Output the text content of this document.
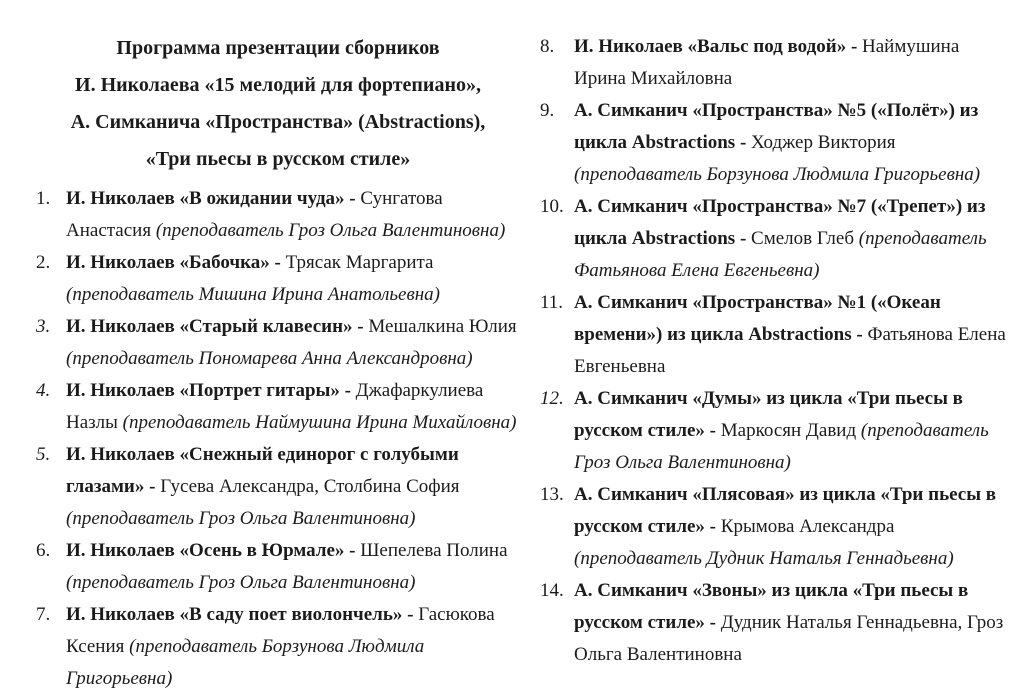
Программа презентации сборников
И. Николаева «15 мелодий для фортепиано»,
А. Симканича «Пространства» (Abstractions),
«Три пьесы в русском стиле»
1. И. Николаев «В ожидании чуда» - Сунгатова Анастасия (преподаватель Гроз Ольга Валентиновна)
2. И. Николаев «Бабочка» - Трясак Маргарита (преподаватель Мишина Ирина Анатольевна)
3. И. Николаев «Старый клавесин» - Мешалкина Юлия (преподаватель Пономарева Анна Александровна)
4. И. Николаев «Портрет гитары» - Джафаркулиева Назлы (преподаватель Наймушина Ирина Михайловна)
5. И. Николаев «Снежный единорог с голубыми глазами» - Гусева Александра, Столбина София (преподаватель Гроз Ольга Валентиновна)
6. И. Николаев «Осень в Юрмале» - Шепелева Полина (преподаватель Гроз Ольга Валентиновна)
7. И. Николаев «В саду поет виолончель» - Гасюкова Ксения (преподаватель Борзунова Людмила Григорьевна)
8.	И. Николаев «Вальс под водой» - Наймушина Ирина Михайловна
9.	А. Симканич «Пространства» №5 («Полёт») из цикла Abstractions - Ходжер Виктория (преподаватель Борзунова Людмила Григорьевна)
10. А. Симканич «Пространства» №7 («Трепет») из цикла Abstractions - Смелов Глеб (преподаватель Фатьянова Елена Евгеньевна)
11. А. Симканич «Пространства» №1 («Океан времени») из цикла Abstractions - Фатьянова Елена Евгеньевна
12. А. Симканич «Думы» из цикла «Три пьесы в русском стиле» - Маркосян Давид (преподаватель Гроз Ольга Валентиновна)
13. А. Симканич «Плясовая» из цикла «Три пьесы в русском стиле» - Крымова Александра (преподаватель Дудник Наталья Геннадьевна)
14. А. Симканич «Звоны» из цикла «Три пьесы в русском стиле» - Дудник Наталья Геннадьевна, Гроз Ольга Валентиновна
